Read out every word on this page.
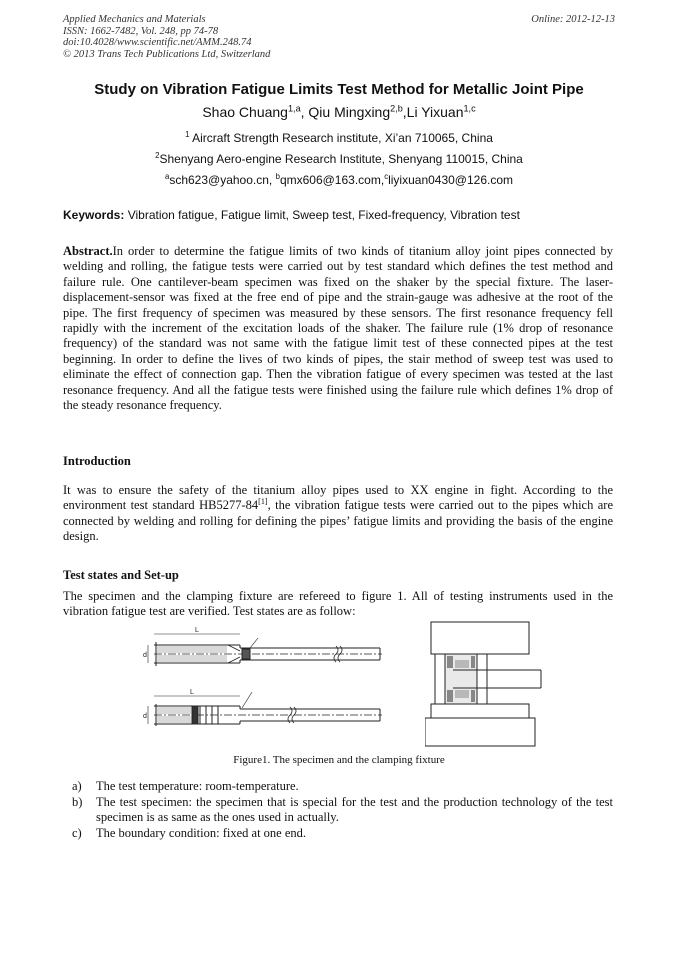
Applied Mechanics and Materials
ISSN: 1662-7482, Vol. 248, pp 74-78
doi:10.4028/www.scientific.net/AMM.248.74
© 2013 Trans Tech Publications Ltd, Switzerland
Online: 2012-12-13
Study on Vibration Fatigue Limits Test Method for Metallic Joint Pipe
Shao Chuang$^{1,a}$, Qiu Mingxing$^{2,b}$,Li Yixuan$^{1,c}$
$^1$ Aircraft Strength Research institute, Xi’an 710065, China
$^2$Shenyang Aero-engine Research Institute, Shenyang 110015, China
$^a$sch623@yahoo.cn, $^b$qmx606@163.com,$^c$liyixuan0430@126.com
Keywords: Vibration fatigue, Fatigue limit, Sweep test, Fixed-frequency, Vibration test
Abstract.In order to determine the fatigue limits of two kinds of titanium alloy joint pipes connected by welding and rolling, the fatigue tests were carried out by test standard which defines the test method and failure rule. One cantilever-beam specimen was fixed on the shaker by the special fixture. The laser-displacement-sensor was fixed at the free end of pipe and the strain-gauge was adhesive at the root of the pipe. The first frequency of specimen was measured by these sensors. The first resonance frequency fell rapidly with the increment of the excitation loads of the shaker. The failure rule (1% drop of resonance frequency) of the standard was not same with the fatigue limit test of these connected pipes at the test beginning. In order to define the lives of two kinds of pipes, the stair method of sweep test was used to eliminate the effect of connection gap. Then the vibration fatigue of every specimen was tested at the last resonance frequency. And all the fatigue tests were finished using the failure rule which defines 1% drop of the steady resonance frequency.
Introduction
It was to ensure the safety of the titanium alloy pipes used to XX engine in fight. According to the environment test standard HB5277-84[1], the vibration fatigue tests were carried out to the pipes which are connected by welding and rolling for defining the pipes’ fatigue limits and providing the basis of the engine design.
Test states and Set-up
The specimen and the clamping fixture are refereed to figure 1. All of testing instruments used in the vibration fatigue test are verified. Test states are as follow:
L
L
d
d
Figure1. The specimen and the clamping fixture
a) The test temperature: room-temperature.
b) The test specimen: the specimen that is special for the test and the production technology of the test specimen is as same as the ones used in actually.
c) The boundary condition: fixed at one end.
